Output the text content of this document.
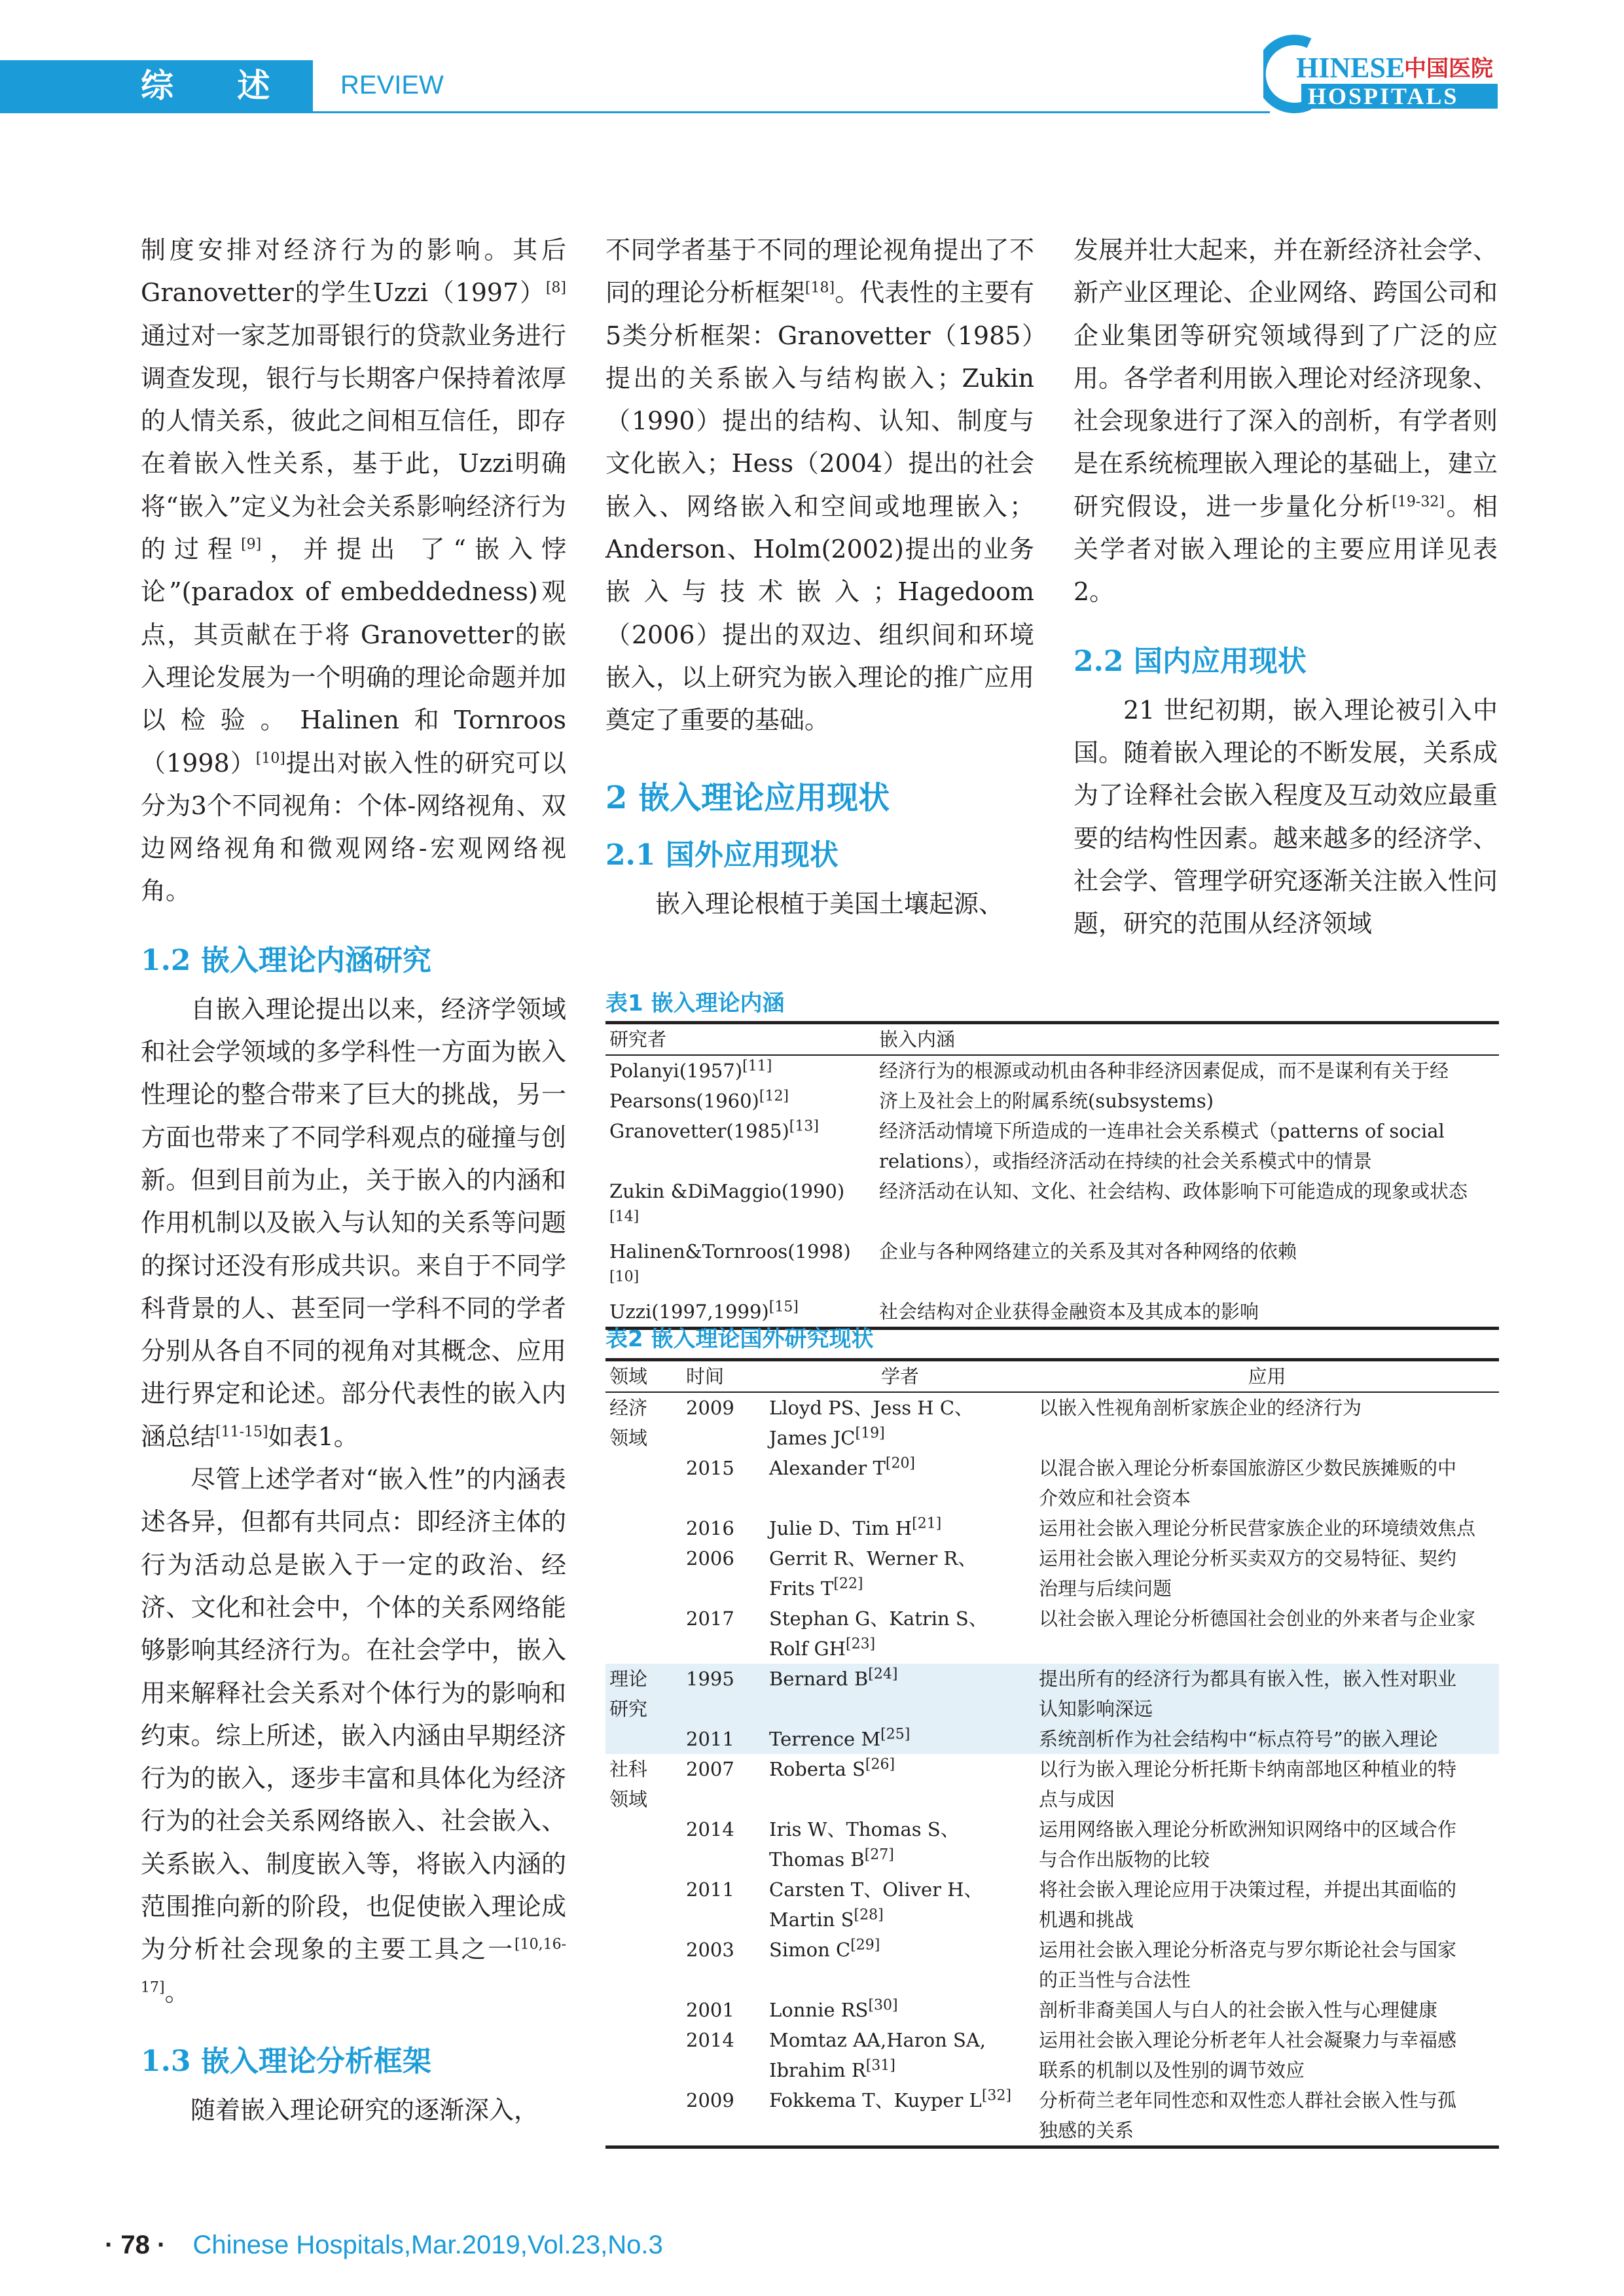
综 述 REVIEW
HINESE
中国医院
HOSPITALS

制度安排对经济行为的影响。其后Granovetter的学生Uzzi（1997）[8]通过对一家芝加哥银行的贷款业务进行调查发现，银行与长期客户保持着浓厚的人情关系，彼此之间相互信任，即存在着嵌入性关系，基于此，Uzzi明确将“嵌入”定义为社会关系影响经济行为的过程[9]，并提出 了“嵌入悖论”(paradox of embeddedness)观点，其贡献在于将 Granovetter的嵌入理论发展为一个明确的理论命题并加以检验。Halinen和Tornroos（1998）[10]提出对嵌入性的研究可以分为3个不同视角：个体-网络视角、双边网络视角和微观网络-宏观网络视角。

1.2 嵌入理论内涵研究

自嵌入理论提出以来，经济学领域和社会学领域的多学科性一方面为嵌入性理论的整合带来了巨大的挑战，另一方面也带来了不同学科观点的碰撞与创新。但到目前为止，关于嵌入的内涵和作用机制以及嵌入与认知的关系等问题的探讨还没有形成共识。来自于不同学科背景的人、甚至同一学科不同的学者分别从各自不同的视角对其概念、应用进行界定和论述。部分代表性的嵌入内涵总结[11-15]如表1。

尽管上述学者对“嵌入性”的内涵表述各异，但都有共同点：即经济主体的行为活动总是嵌入于一定的政治、经济、文化和社会中，个体的关系网络能够影响其经济行为。在社会学中，嵌入用来解释社会关系对个体行为的影响和约束。综上所述，嵌入内涵由早期经济行为的嵌入，逐步丰富和具体化为经济行为的社会关系网络嵌入、社会嵌入、关系嵌入、制度嵌入等，将嵌入内涵的范围推向新的阶段，也促使嵌入理论成为分析社会现象的主要工具之一[10,16-17]。

1.3 嵌入理论分析框架

随着嵌入理论研究的逐渐深入，

不同学者基于不同的理论视角提出了不同的理论分析框架[18]。代表性的主要有5类分析框架：Granovetter（1985）提出的关系嵌入与结构嵌入；Zukin（1990）提出的结构、认知、制度与文化嵌入；Hess（2004）提出的社会嵌入、网络嵌入和空间或地理嵌入；Anderson、Holm(2002)提出的业务嵌入与技术嵌入；Hagedoom（2006）提出的双边、组织间和环境嵌入，以上研究为嵌入理论的推广应用奠定了重要的基础。

2 嵌入理论应用现状
2.1 国外应用现状

嵌入理论根植于美国土壤起源、

发展并壮大起来，并在新经济社会学、新产业区理论、企业网络、跨国公司和企业集团等研究领域得到了广泛的应用。各学者利用嵌入理论对经济现象、社会现象进行了深入的剖析，有学者则是在系统梳理嵌入理论的基础上，建立研究假设，进一步量化分析[19-32]。相关学者对嵌入理论的主要应用详见表2。

2.2 国内应用现状

21 世纪初期，嵌入理论被引入中国。随着嵌入理论的不断发展，关系成为了诠释社会嵌入程度及互动效应最重要的结构性因素。越来越多的经济学、社会学、管理学研究逐渐关注嵌入性问题，研究的范围从经济领域

表1 嵌入理论内涵
研究者	嵌入内涵
Polanyi(1957)[11]	经济行为的根源或动机由各种非经济因素促成，而不是谋利有关于经
Pearsons(1960)[12]	济上及社会上的附属系统(subsystems)
Granovetter(1985)[13]	经济活动情境下所造成的一连串社会关系模式（patterns of social
	relations），或指经济活动在持续的社会关系模式中的情景
Zukin &DiMaggio(1990)[14]	经济活动在认知、文化、社会结构、政体影响下可能造成的现象或状态
Halinen&Tornroos(1998)[10]	企业与各种网络建立的关系及其对各种网络的依赖
Uzzi(1997,1999)[15]	社会结构对企业获得金融资本及其成本的影响
表2 嵌入理论国外研究现状
领域	时间	学者	应用
经济	2009	Lloyd PS、Jess H C、	以嵌入性视角剖析家族企业的经济行为
领域		James JC[19]	
	2015	Alexander T[20]	以混合嵌入理论分析泰国旅游区少数民族摊贩的中
			介效应和社会资本
	2016	Julie D、Tim H[21]	运用社会嵌入理论分析民营家族企业的环境绩效焦点
	2006	Gerrit R、Werner R、	运用社会嵌入理论分析买卖双方的交易特征、契约
		Frits T[22]	治理与后续问题
	2017	Stephan G、Katrin S、	以社会嵌入理论分析德国社会创业的外来者与企业家
		Rolf GH[23]	
理论	1995	Bernard B[24]	提出所有的经济行为都具有嵌入性，嵌入性对职业
研究			认知影响深远
	2011	Terrence M[25]	系统剖析作为社会结构中“标点符号”的嵌入理论
社科	2007	Roberta S[26]	以行为嵌入理论分析托斯卡纳南部地区种植业的特
领域			点与成因
	2014	Iris W、Thomas S、	运用网络嵌入理论分析欧洲知识网络中的区域合作
		Thomas B[27]	与合作出版物的比较
	2011	Carsten T、Oliver H、	将社会嵌入理论应用于决策过程，并提出其面临的
		Martin S[28]	机遇和挑战
	2003	Simon C[29]	运用社会嵌入理论分析洛克与罗尔斯论社会与国家
			的正当性与合法性
	2001	Lonnie RS[30]	剖析非裔美国人与白人的社会嵌入性与心理健康
	2014	Momtaz AA,Haron SA,	运用社会嵌入理论分析老年人社会凝聚力与幸福感
		Ibrahim R[31]	联系的机制以及性别的调节效应
	2009	Fokkema T、Kuyper L[32]	分析荷兰老年同性恋和双性恋人群社会嵌入性与孤
			独感的关系
· 78 · Chinese Hospitals,Mar.2019,Vol.23,No.3
